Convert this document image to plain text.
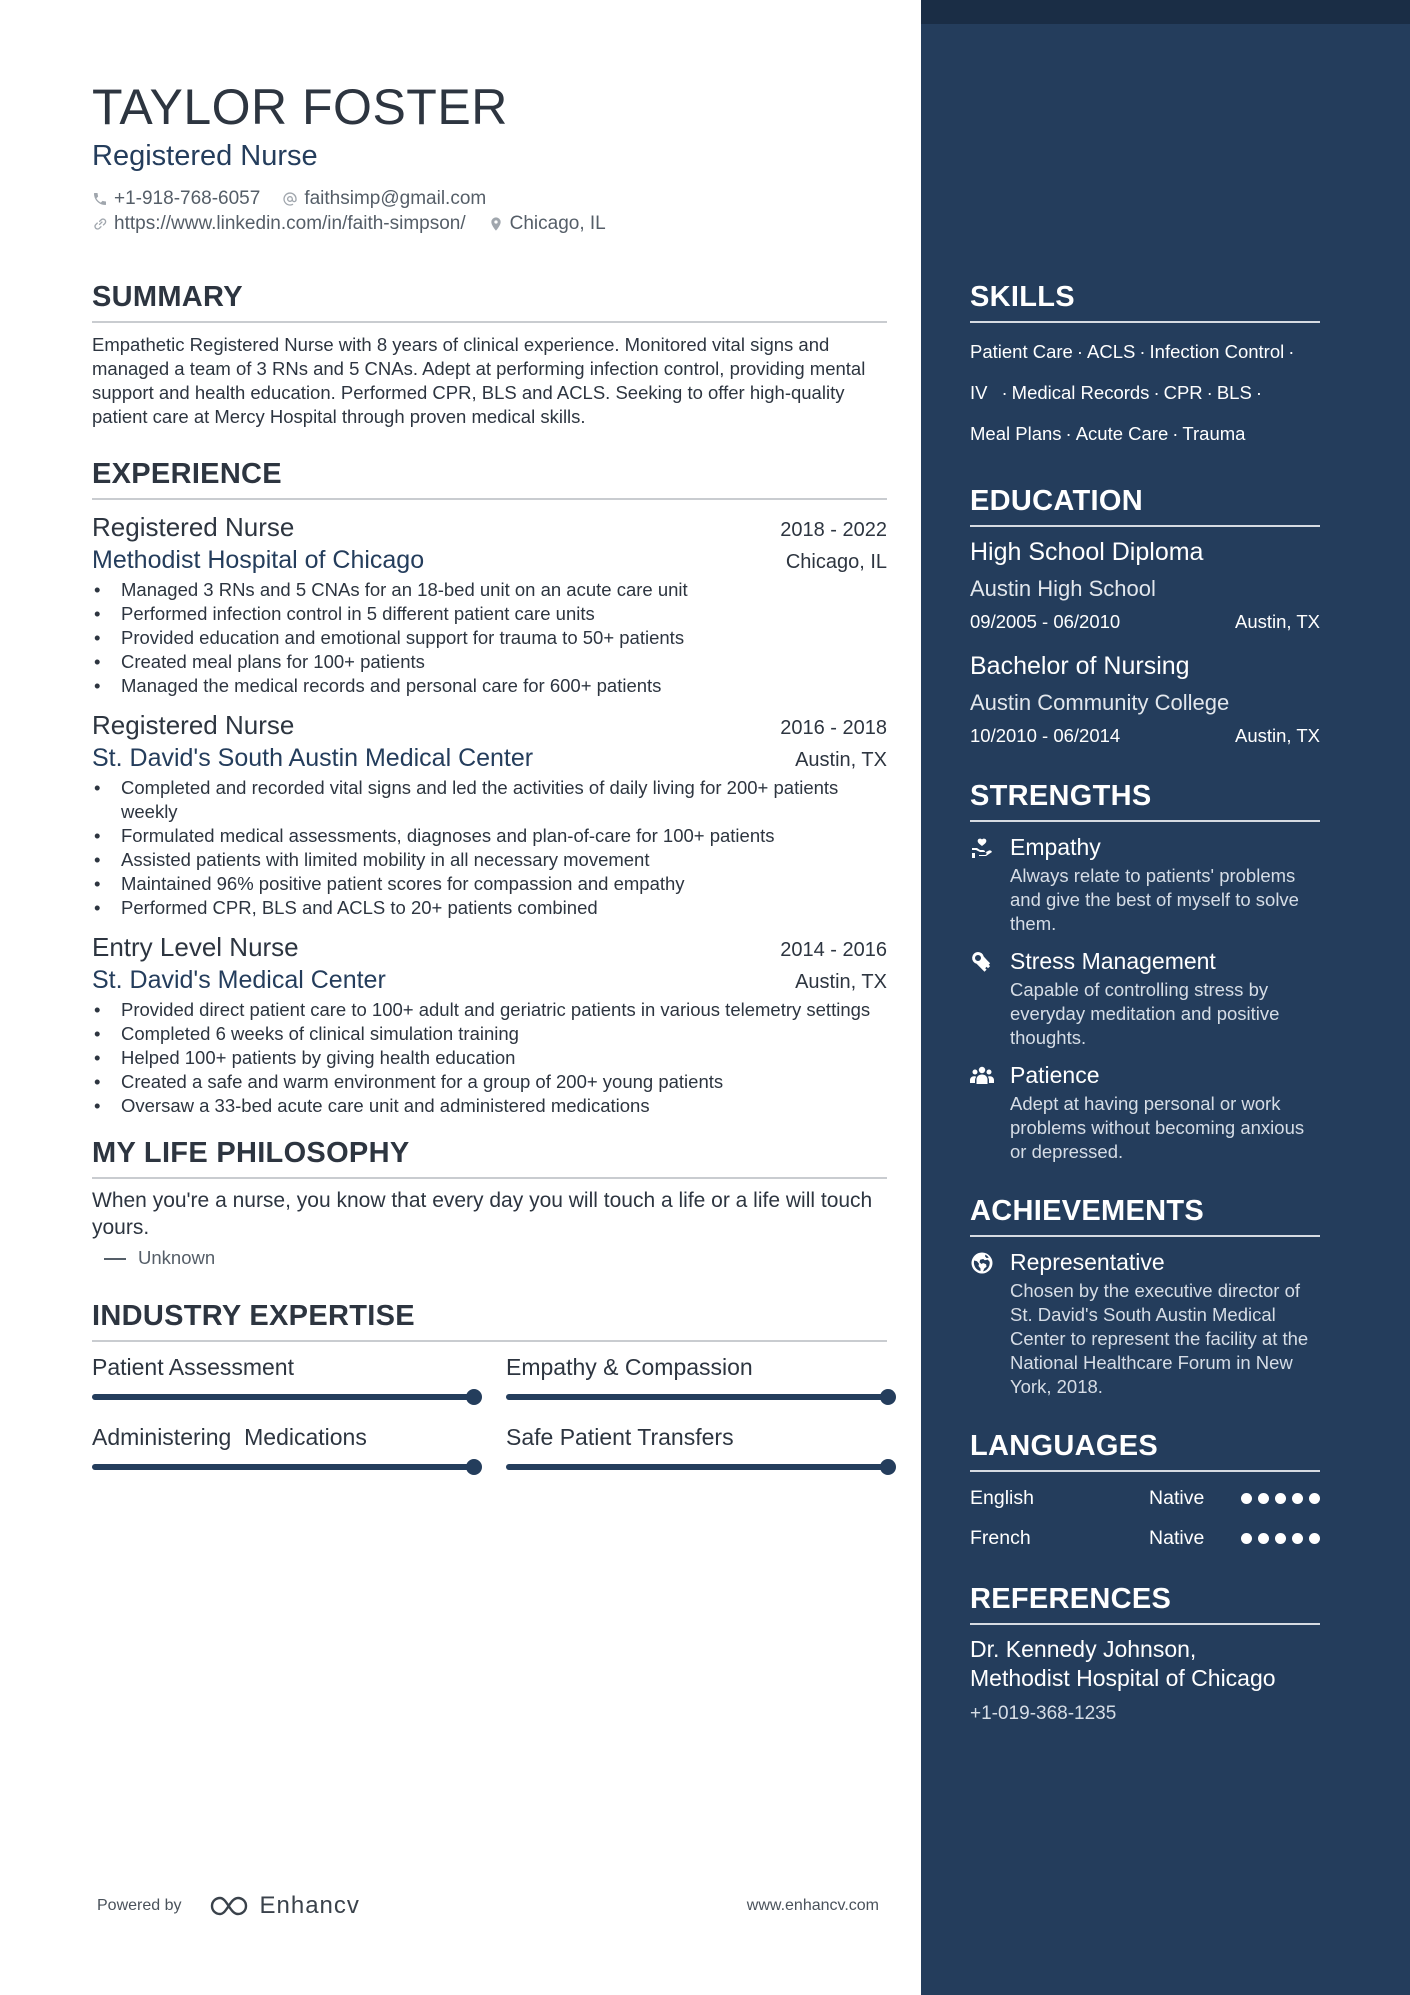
TAYLOR FOSTER
Registered Nurse
+1-918-768-6057 faithsimp@gmail.com
https://www.linkedin.com/in/faith-simpson/ Chicago, IL
SUMMARY

Empathetic Registered Nurse with 8 years of clinical experience. Monitored vital signs and managed a team of 3 RNs and 5 CNAs. Adept at performing infection control, providing mental support and health education. Performed CPR, BLS and ACLS. Seeking to offer high-quality patient care at Mercy Hospital through proven medical skills.

EXPERIENCE
Registered Nurse	2018 - 2022
Methodist Hospital of Chicago	Chicago, IL
• Managed 3 RNs and 5 CNAs for an 18-bed unit on an acute care unit
• Performed infection control in 5 different patient care units
• Provided education and emotional support for trauma to 50+ patients
• Created meal plans for 100+ patients
• Managed the medical records and personal care for 600+ patients
Registered Nurse	2016 - 2018
St. David's South Austin Medical Center	Austin, TX
• Completed and recorded vital signs and led the activities of daily living for 200+ patients weekly
• Formulated medical assessments, diagnoses and plan-of-care for 100+ patients
• Assisted patients with limited mobility in all necessary movement
• Maintained 96% positive patient scores for compassion and empathy
• Performed CPR, BLS and ACLS to 20+ patients combined
Entry Level Nurse	2014 - 2016
St. David's Medical Center	Austin, TX
• Provided direct patient care to 100+ adult and geriatric patients in various telemetry settings
• Completed 6 weeks of clinical simulation training
• Helped 100+ patients by giving health education
• Created a safe and warm environment for a group of 200+ young patients
• Oversaw a 33-bed acute care unit and administered medications
MY LIFE PHILOSOPHY

When you're a nurse, you know that every day you will touch a life or a life will touch yours.

Unknown
INDUSTRY EXPERTISE
Patient Assessment	Empathy & Compassion
Administering  Medications	Safe Patient Transfers
Powered by	Enhancv	www.enhancv.com
SKILLS
Patient Care · ACLS · Infection Control ·
IV · Medical Records · CPR · BLS ·
Meal Plans · Acute Care · Trauma
EDUCATION
High School Diploma
Austin High School
09/2005 - 06/2010	Austin, TX
Bachelor of Nursing
Austin Community College
10/2010 - 06/2014	Austin, TX
STRENGTHS
Empathy
Always relate to patients' problems and give the best of myself to solve them.
Stress Management
Capable of controlling stress by everyday meditation and positive thoughts.
Patience
Adept at having personal or work problems without becoming anxious or depressed.
ACHIEVEMENTS
Representative
Chosen by the executive director of St. David's South Austin Medical Center to represent the facility at the National Healthcare Forum in New York, 2018.
LANGUAGES
English	Native
French	Native
REFERENCES
Dr. Kennedy Johnson,
Methodist Hospital of Chicago
+1-019-368-1235
